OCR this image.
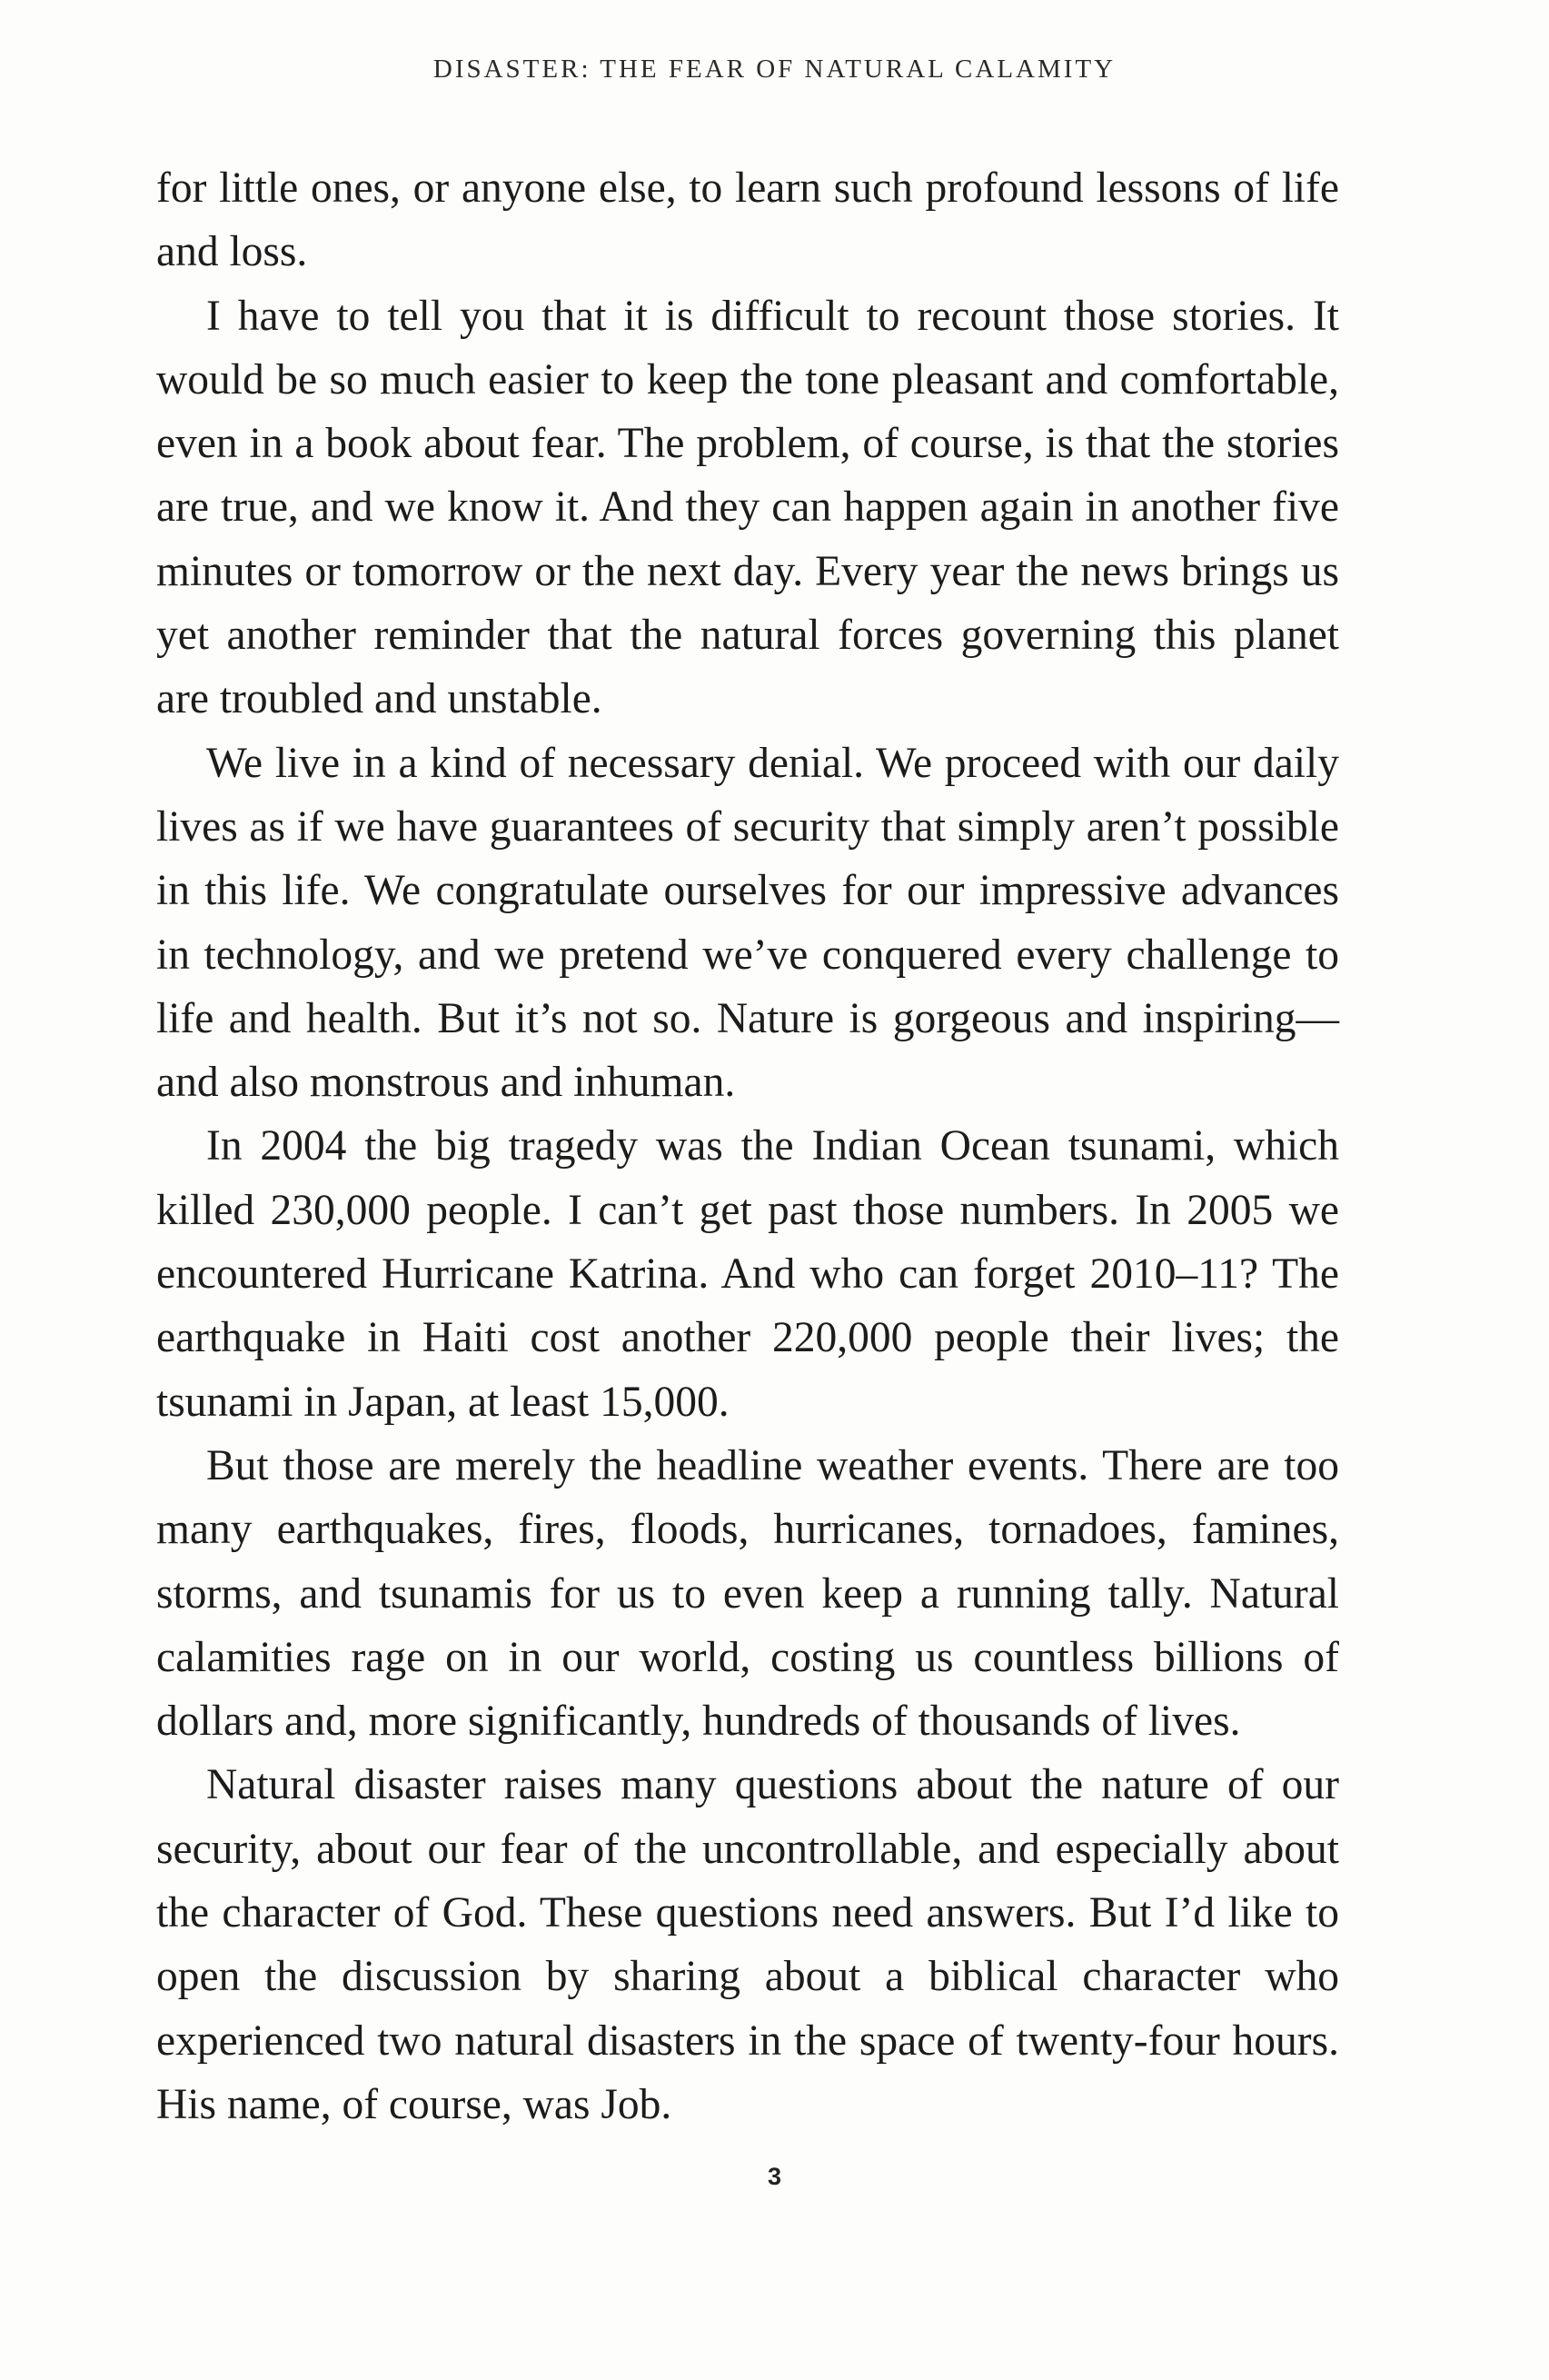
DISASTER: THE FEAR OF NATURAL CALAMITY

for little ones, or anyone else, to learn such profound lessons of life and loss.

I have to tell you that it is difficult to recount those stories. It would be so much easier to keep the tone pleasant and comfortable, even in a book about fear. The problem, of course, is that the stories are true, and we know it. And they can happen again in another five minutes or tomorrow or the next day. Every year the news brings us yet another reminder that the natural forces governing this planet are troubled and unstable.

We live in a kind of necessary denial. We proceed with our daily lives as if we have guarantees of security that simply aren’t possible in this life. We congratulate ourselves for our impressive advances in technology, and we pretend we’ve conquered every challenge to life and health. But it’s not so. Nature is gorgeous and inspiring—and also monstrous and inhuman.

In 2004 the big tragedy was the Indian Ocean tsunami, which killed 230,000 people. I can’t get past those numbers. In 2005 we encountered Hurricane Katrina. And who can forget 2010–11? The earthquake in Haiti cost another 220,000 people their lives; the tsunami in Japan, at least 15,000.

But those are merely the headline weather events. There are too many earthquakes, fires, floods, hurricanes, tornadoes, famines, storms, and tsunamis for us to even keep a running tally. Natural calamities rage on in our world, costing us countless billions of dollars and, more significantly, hundreds of thousands of lives.

Natural disaster raises many questions about the nature of our security, about our fear of the uncontrollable, and especially about the character of God. These questions need answers. But I’d like to open the discussion by sharing about a biblical character who experienced two natural disasters in the space of twenty-four hours. His name, of course, was Job.

3
